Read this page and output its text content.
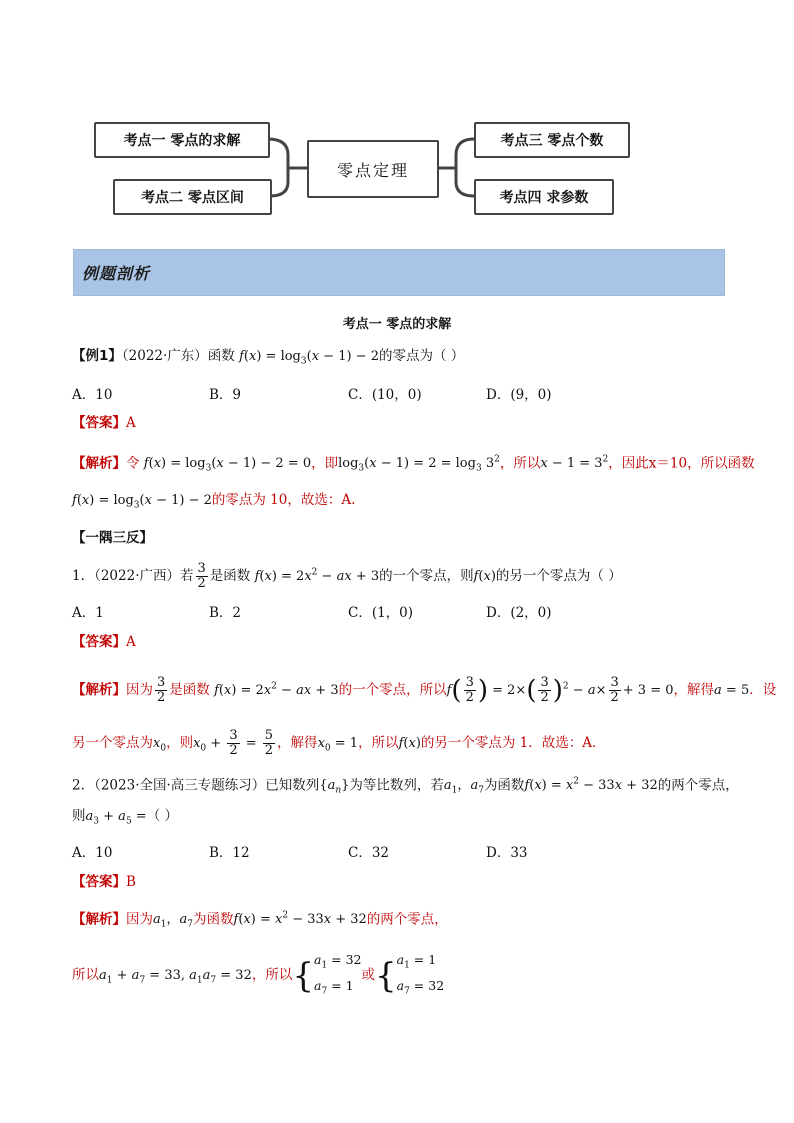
考点一 零点的求解
考点二 零点区间
零点定理
考点三 零点个数
考点四 求参数
例题剖析
考点一 零点的求解
【例1】（2022·广东）函数 $f(x) = \log_3(x - 1) - 2$的零点为（ ）
A．10	B．9	C．(10，0)	D．(9，0)
【答案】A
【解析】令 $f(x) = \log_3(x - 1) - 2 = 0$，即$\log_3(x - 1) = 2 = \log_3 3^2$，所以$x - 1 = 3^2$，因此x＝10，所以函数
$f(x) = \log_3(x - 1) - 2$的零点为 10，故选：A.
【一隅三反】
1．（2022·广西）若 $\frac{3}{2}$ 是函数 $f(x) = 2x^2$ − ax + 3的一个零点，则f(x)的另一个零点为（ ）
A．1	B．2	C．(1，0)	D．(2，0)
【答案】A
【解析】因为 $\frac{3}{2}$ 是函数 $f(x) = 2x^2$ − ax + 3的一个零点，所以$f( \frac{3}{2}$ ) = $2\times( \frac{3}{2} )^2 - a\times \frac{3}{2} + 3 = 0$，解得a = 5．设
另一个零点为$x_0$，则$x_0 + \frac{3}{2} = \frac{5}{2}$ ，解得$x_0 = 1$，所以f(x)的另一个零点为 1．故选：A．
2．（2023·全国·高三专题练习）已知数列$\{a_n\}$为等比数列，若$a_1$，$a_7$为函数$f(x) = x^2 - 33x + 32$的两个零点，
则$a_3 + a_5$ =（ ）
A．10	B．12	C．32	D．33
【答案】B
【解析】因为$a_1$，$a_7$为函数$f(x) = x^2 - 33x + 32$的两个零点，
所以$a_1 + a_7 = 33$, $a_1a_7 = 32$，所以{$a_1 = 32$
$a_7 = 1$或{$a_1 = 1$
$a_7 = 32$
